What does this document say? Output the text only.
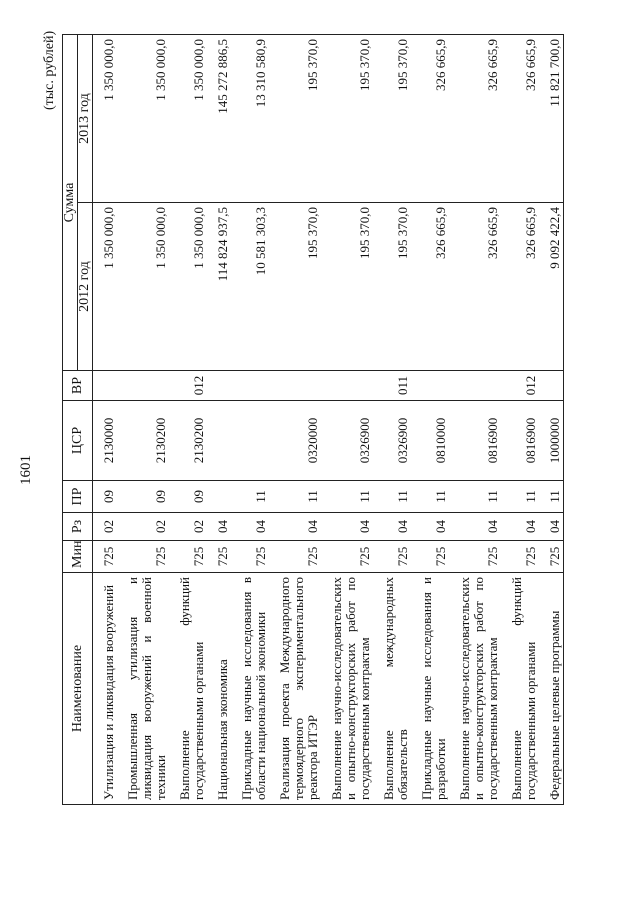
1601
(тыс. рублей)
Наименование	Мин	Рз	ПР	ЦСР	ВР	Сумма	
						2012 год	2013 год
Утилизация и ликвидация вооружений	725	02	09	2130000		1 350 000,0	1 350 000,0
Промышленная утилизация и ликвидация вооружений и военной техники	725	02	09	2130200		1 350 000,0	1 350 000,0
Выполнение функций государственными органами	725	02	09	2130200	012	1 350 000,0	1 350 000,0
Национальная экономика	725	04				114 824 937,5	145 272 886,5
Прикладные научные исследования в области национальной экономики	725	04	11			10 581 303,3	13 310 580,9
Реализация проекта Международного термоядерного экспериментального реактора ИТЭР	725	04	11	0320000		195 370,0	195 370,0
Выполнение научно-исследовательских и опытно-конструкторских работ по государственным контрактам	725	04	11	0326900		195 370,0	195 370,0
Выполнение международных обязательств	725	04	11	0326900	011	195 370,0	195 370,0
Прикладные научные исследования и разработки	725	04	11	0810000		326 665,9	326 665,9
Выполнение научно-исследовательских и опытно-конструкторских работ по государственным контрактам	725	04	11	0816900		326 665,9	326 665,9
Выполнение функций государственными органами	725	04	11	0816900	012	326 665,9	326 665,9
Федеральные целевые программы	725	04	11	1000000		9 092 422,4	11 821 700,0
